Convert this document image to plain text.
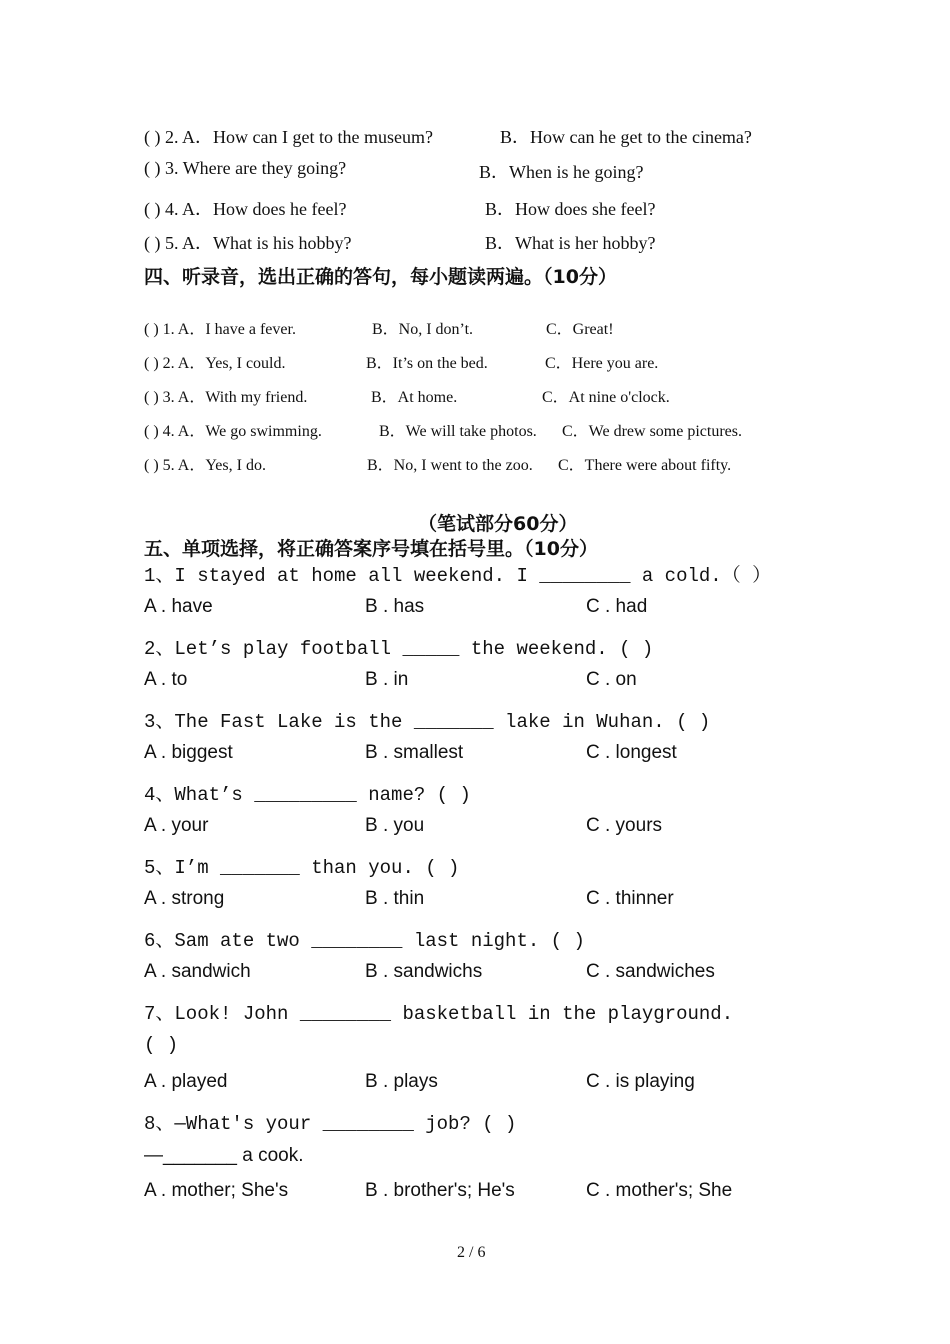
( ) 2. A．How can I get to the museum?	B．How can he get to the cinema?
( ) 3. Where are they going?	B．When is he going?
( ) 4. A．How does he feel?	B．How does she feel?
( ) 5. A．What is his hobby?	B．What is her hobby?
四、听录音，选出正确的答句，每小题读两遍。（10分）
( ) 1. A．I have a fever.	B．No, I don’t.	C．Great!
( ) 2. A．Yes, I could.	B．It’s on the bed.	C．Here you are.
( ) 3. A．With my friend.	B．At home.	C．At nine o'clock.
( ) 4. A．We go swimming.	B．We will take photos. C．We drew some pictures.
( ) 5. A．Yes, I do.	B．No, I went to the zoo. C．There were about fifty.
（笔试部分60分）
五、单项选择，将正确答案序号填在括号里。（10分）
1、I stayed at home all weekend. I ________ a cold.（ ）
A . have	B . has	C . had
2、Let’s play football _____ the weekend. ( )
A . to	B . in	C . on
3、The Fast Lake is the _______ lake in Wuhan. ( )
A . biggest	B . smallest	C . longest
4、What’s _________ name? ( )
A . your	B . you	C . yours
5、I’m _______ than you. ( )
A . strong	B . thin	C . thinner
6、Sam ate two ________ last night. ( )
A . sandwich	B . sandwichs	C . sandwiches
7、Look! John ________ basketball in the playground.
( )
A . played	B . plays	C . is playing
8、—What's your ________ job? ( )
—_______ a cook.
A . mother; She's	B . brother's; He's	C . mother's; She
2 / 6
